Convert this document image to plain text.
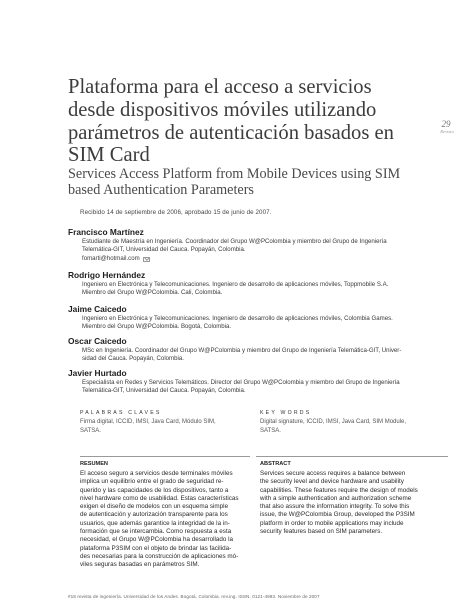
Plataforma para el acceso a servicios
desde dispositivos móviles utilizando
parámetros de autenticación basados en
SIM Card
29
Revista
Services Access Platform from Mobile Devices using SIM
based Authentication Parameters
Recibido 14 de septiembre de 2006, aprobado 15 de junio de 2007.
Francisco Martínez
Estudiante de Maestría en Ingeniería. Coordinador del Grupo W@PColombia y miembro del Grupo de Ingeniería
Telemática-GIT, Universidad del Cauca. Popayán, Colombia.
fomarti@hotmail.com
Rodrigo Hernández
Ingeniero en Electrónica y Telecomunicaciones. Ingeniero de desarrollo de aplicaciones móviles, Toppmobile S.A.
Miembro del Grupo W@PColombia. Cali, Colombia.
Jaime Caicedo
Ingeniero en Electrónica y Telecomunicaciones. Ingeniero de desarrollo de aplicaciones móviles, Colombia Games.
Miembro del Grupo W@PColombia. Bogotá, Colombia.
Oscar Caicedo
MSc en Ingeniería. Coordinador del Grupo W@PColombia y miembro del Grupo de Ingeniería Telemática-GIT, Univer-
sidad del Cauca. Popayán, Colombia.
Javier Hurtado
Especialista en Redes y Servicios Telemáticos. Director del Grupo W@PColombia y miembro del Grupo de Ingeniería
Telemática-GIT, Universidad del Cauca. Popayán, Colombia.
PALABRAS CLAVES
Firma digital, ICCID, IMSI, Java Card, Módulo SIM,
SATSA.
KEY WORDS
Digital signature, ICCID, IMSI, Java Card, SIM Module,
SATSA.
RESUMEN
El acceso seguro a servicios desde terminales móviles
implica un equilibrio entre el grado de seguridad re-
querido y las capacidades de los dispositivos, tanto a
nivel hardware como de usabilidad. Estas características
exigen el diseño de modelos con un esquema simple
de autenticación y autorización transparente para los
usuarios, que además garantice la integridad de la in-
formación que se intercambia. Como respuesta a esta
necesidad, el Grupo W@PColombia ha desarrollado la
plataforma P3SIM con el objeto de brindar las facilida-
des necesarias para la construcción de aplicaciones mó-
viles seguras basadas en parámetros SIM.
ABSTRACT
Services secure access requires a balance between
the security level and device hardware and usability
capabilities. These features require the design of models
with a simple authentication and authorization scheme
that also assure the information integrity. To solve this
issue, the W@PColombia Group, developed the P3SIM
platform in order to mobile applications may include
security features based on SIM parameters.
#18 revista de ingeniería. Universidad de los Andes. Bogotá, Colombia. rev.ing. ISSN. 0121-4993. Noviembre de 2007
